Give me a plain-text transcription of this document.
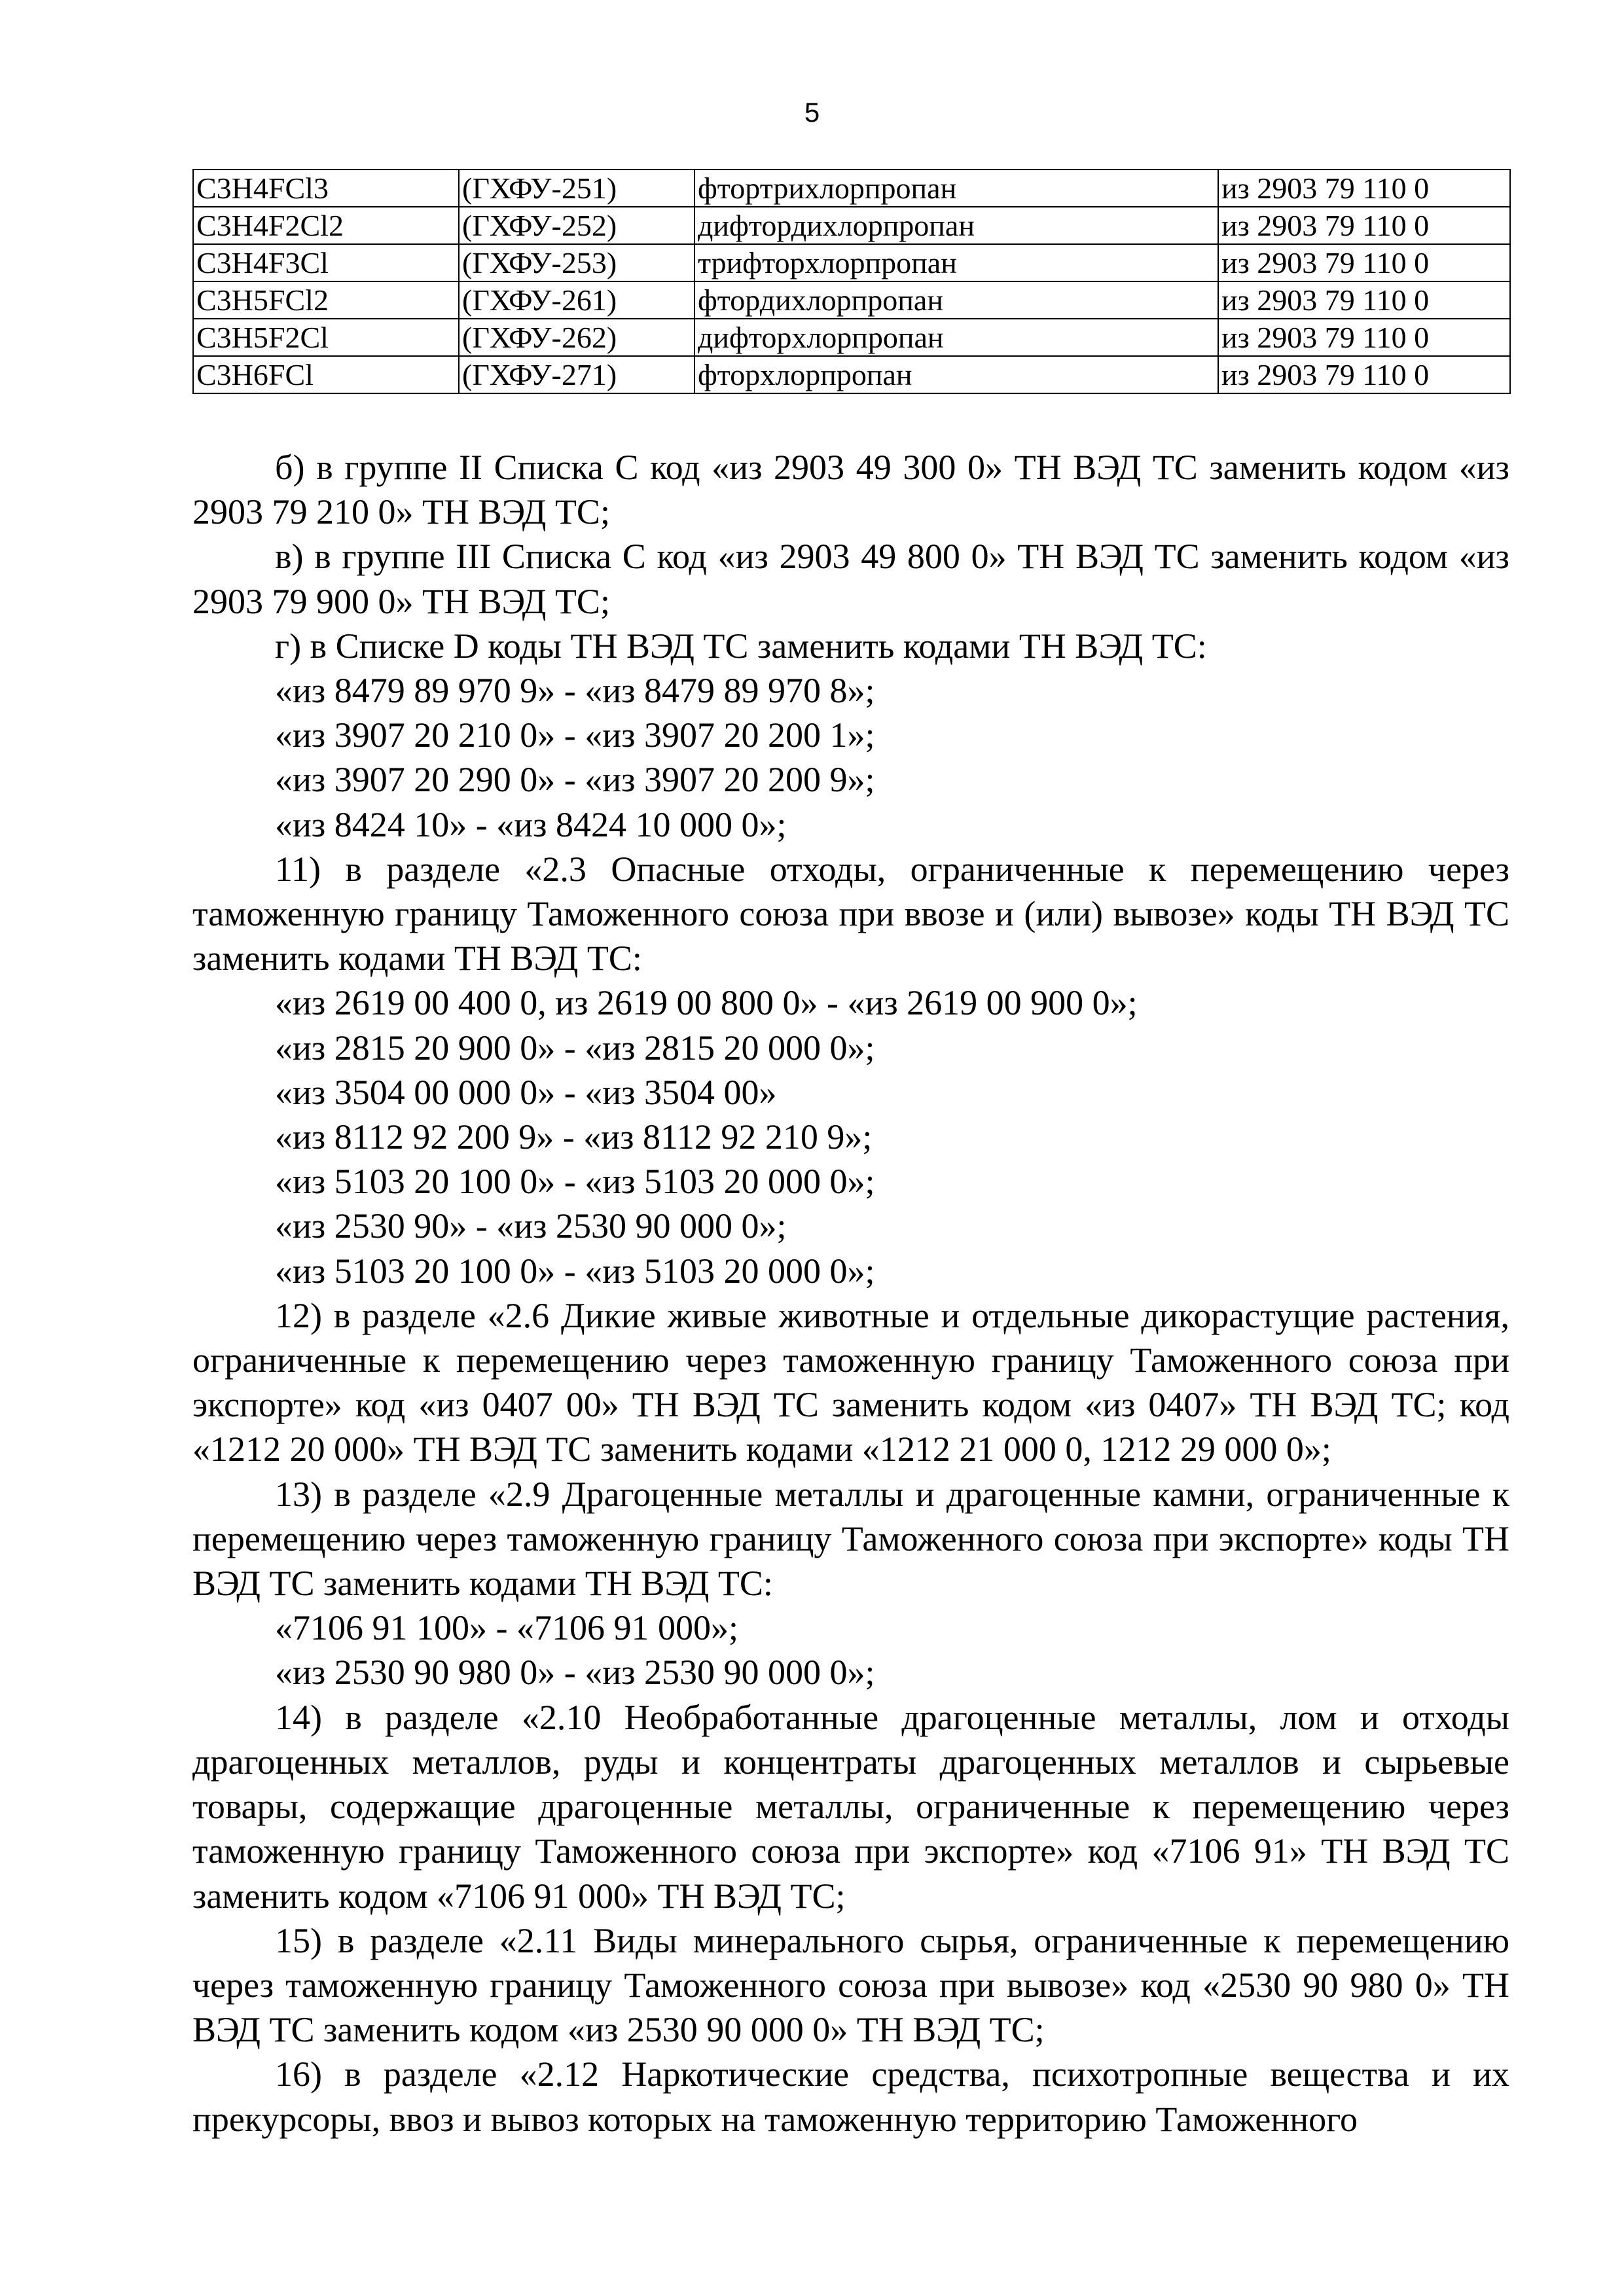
5
C3H4FCl3	(ГХФУ-251)	фтортрихлорпропан	из 2903 79 110 0
C3H4F2Cl2	(ГХФУ-252)	дифтордихлорпропан	из 2903 79 110 0
C3H4F3Cl	(ГХФУ-253)	трифторхлорпропан	из 2903 79 110 0
C3H5FCl2	(ГХФУ-261)	фтордихлорпропан	из 2903 79 110 0
C3H5F2Cl	(ГХФУ-262)	дифторхлорпропан	из 2903 79 110 0
C3H6FCl	(ГХФУ-271)	фторхлорпропан	из 2903 79 110 0

б) в группе II Списка С код «из 2903 49 300 0» ТН ВЭД ТС заменить кодом «из 2903 79 210 0» ТН ВЭД ТС;

в) в группе III Списка С код «из 2903 49 800 0» ТН ВЭД ТС заменить кодом «из 2903 79 900 0» ТН ВЭД ТС;

г) в Списке D коды ТН ВЭД ТС заменить кодами ТН ВЭД ТС:

«из 8479 89 970 9» - «из 8479 89 970 8»;

«из 3907 20 210 0» - «из 3907 20 200 1»;

«из 3907 20 290 0» - «из 3907 20 200 9»;

«из 8424 10» - «из 8424 10 000 0»;

11) в разделе «2.3 Опасные отходы, ограниченные к перемещению через таможенную границу Таможенного союза при ввозе и (или) вывозе» коды ТН ВЭД ТС заменить кодами ТН ВЭД ТС:

«из 2619 00 400 0, из 2619 00 800 0» - «из 2619 00 900 0»;

«из 2815 20 900 0» - «из 2815 20 000 0»;

«из 3504 00 000 0» - «из 3504 00»

«из 8112 92 200 9» - «из 8112 92 210 9»;

«из 5103 20 100 0» - «из 5103 20 000 0»;

«из 2530 90» - «из 2530 90 000 0»;

«из 5103 20 100 0» - «из 5103 20 000 0»;

12) в разделе «2.6 Дикие живые животные и отдельные дикорастущие растения, ограниченные к перемещению через таможенную границу Таможенного союза при экспорте» код «из 0407 00» ТН ВЭД ТС заменить кодом «из 0407» ТН ВЭД ТС; код «1212 20 000» ТН ВЭД ТС заменить кодами «1212 21 000 0, 1212 29 000 0»;

13) в разделе «2.9 Драгоценные металлы и драгоценные камни, ограниченные к перемещению через таможенную границу Таможенного союза при экспорте» коды ТН ВЭД ТС заменить кодами ТН ВЭД ТС:

«7106 91 100» - «7106 91 000»;

«из 2530 90 980 0» - «из 2530 90 000 0»;

14) в разделе «2.10 Необработанные драгоценные металлы, лом и отходы драгоценных металлов, руды и концентраты драгоценных металлов и сырьевые товары, содержащие драгоценные металлы, ограниченные к перемещению через таможенную границу Таможенного союза при экспорте» код «7106 91» ТН ВЭД ТС заменить кодом «7106 91 000» ТН ВЭД ТС;

15) в разделе «2.11 Виды минерального сырья, ограниченные к перемещению через таможенную границу Таможенного союза при вывозе» код «2530 90 980 0» ТН ВЭД ТС заменить кодом «из 2530 90 000 0» ТН ВЭД ТС;

16) в разделе «2.12 Наркотические средства, психотропные вещества и их прекурсоры, ввоз и вывоз которых на таможенную территорию Таможенного
